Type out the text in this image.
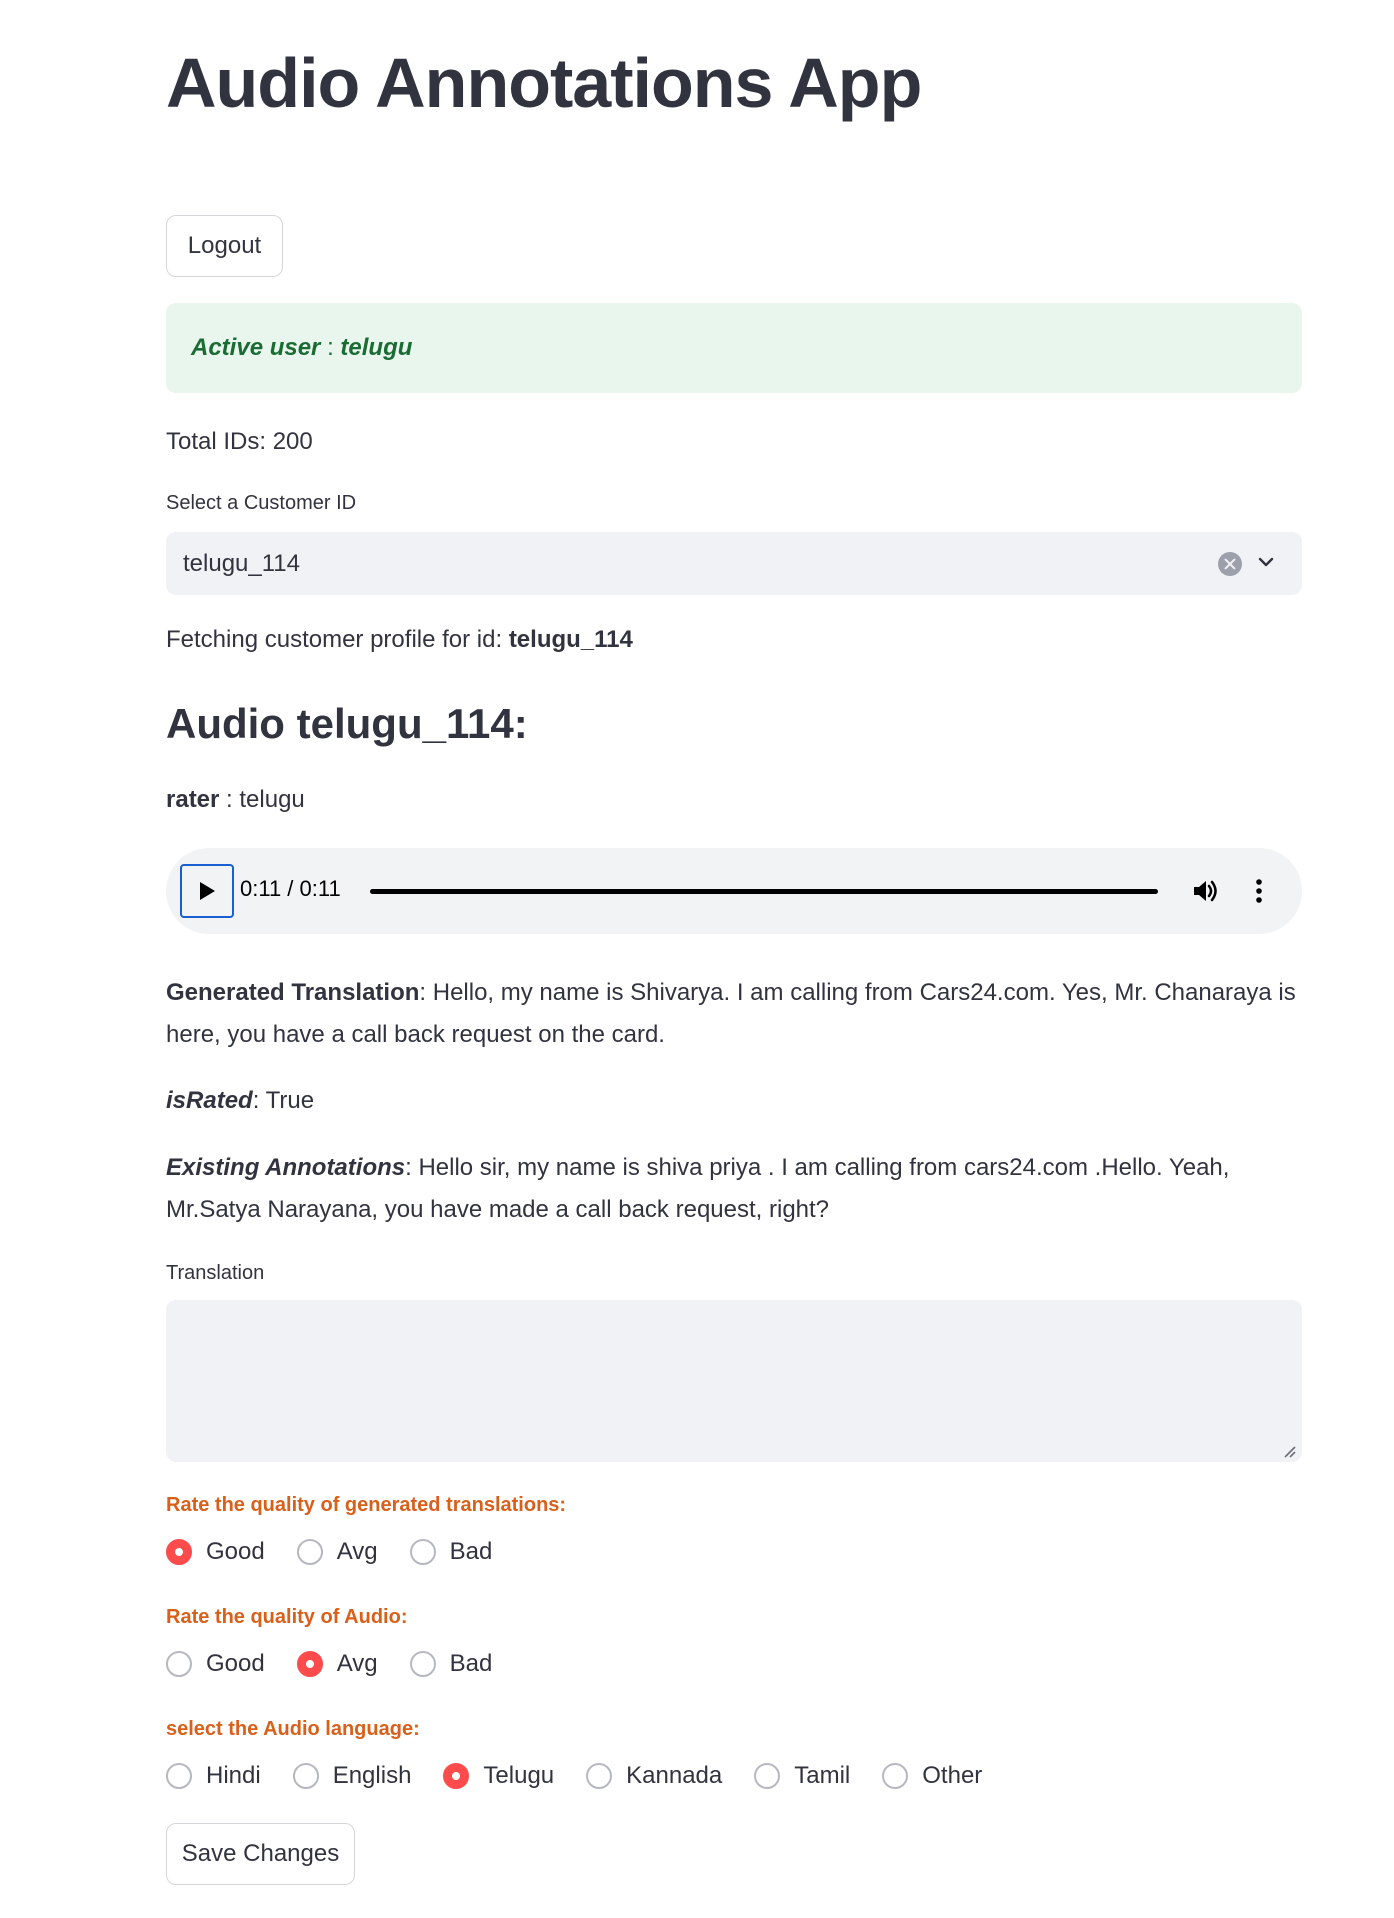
Audio Annotations App
Logout
Active user : telugu
Total IDs: 200
Select a Customer ID
telugu_114
Fetching customer profile for id: telugu_114
Audio telugu_114:
rater : telugu
0:11 / 0:11

Generated Translation: Hello, my name is Shivarya. I am calling from Cars24.com. Yes, Mr. Chanaraya is here, you have a call back request on the card.

isRated: True

Existing Annotations: Hello sir, my name is shiva priya . I am calling from cars24.com .Hello. Yeah, Mr.Satya Narayana, you have made a call back request, right?

Translation
Rate the quality of generated translations:
Good	Avg	Bad
Rate the quality of Audio:
Good	Avg	Bad
select the Audio language:
Hindi	English	Telugu	Kannada	Tamil	Other
Save Changes
